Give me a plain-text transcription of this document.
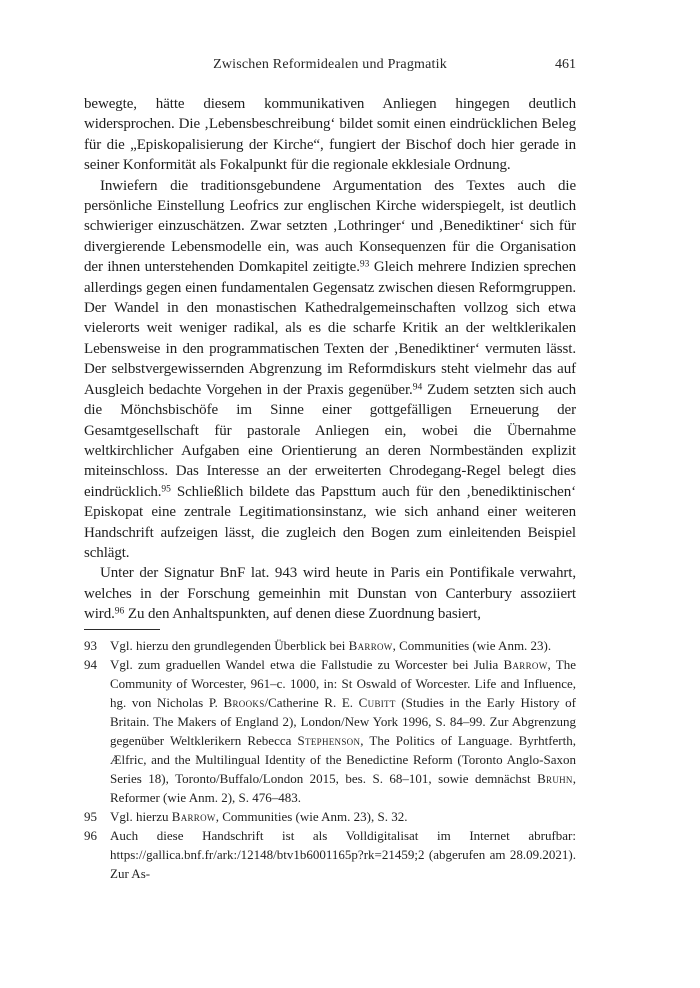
Zwischen Reformidealen und Pragmatik	461

bewegte, hätte diesem kommunikativen Anliegen hingegen deutlich widersprochen. Die ‚Lebensbeschreibung‘ bildet somit einen eindrücklichen Beleg für die „Episkopalisierung der Kirche“, fungiert der Bischof doch hier gerade in seiner Konformität als Fokalpunkt für die regionale ekklesiale Ordnung.

Inwiefern die traditionsgebundene Argumentation des Textes auch die persönliche Einstellung Leofrics zur englischen Kirche widerspiegelt, ist deutlich schwieriger einzuschätzen. Zwar setzten ‚Lothringer‘ und ‚Benediktiner‘ sich für divergierende Lebensmodelle ein, was auch Konsequenzen für die Organisation der ihnen unterstehenden Domkapitel zeitigte.$^{93}$ Gleich mehrere Indizien sprechen allerdings gegen einen fundamentalen Gegensatz zwischen diesen Reformgruppen. Der Wandel in den monastischen Kathedralgemeinschaften vollzog sich etwa vielerorts weit weniger radikal, als es die scharfe Kritik an der weltklerikalen Lebensweise in den programmatischen Texten der ‚Benediktiner‘ vermuten lässt. Der selbstvergewissernden Abgrenzung im Reformdiskurs steht vielmehr das auf Ausgleich bedachte Vorgehen in der Praxis gegenüber.$^{94}$ Zudem setzten sich auch die Mönchsbischöfe im Sinne einer gottgefälligen Erneuerung der Gesamtgesellschaft für pastorale Anliegen ein, wobei die Übernahme weltkirchlicher Aufgaben eine Orientierung an deren Normbeständen explizit miteinschloss. Das Interesse an der erweiterten Chrodegang-Regel belegt dies eindrücklich.$^{95}$ Schließlich bildete das Papsttum auch für den ‚benediktinischen‘ Episkopat eine zentrale Legitimationsinstanz, wie sich anhand einer weiteren Handschrift aufzeigen lässt, die zugleich den Bogen zum einleitenden Beispiel schlägt.

Unter der Signatur BnF lat. 943 wird heute in Paris ein Pontifikale verwahrt, welches in der Forschung gemeinhin mit Dunstan von Canterbury assoziiert wird.$^{96}$ Zu den Anhaltspunkten, auf denen diese Zuordnung basiert,

93	Vgl. hierzu den grundlegenden Überblick bei Barrow, Communities (wie Anm. 23).
94	Vgl. zum graduellen Wandel etwa die Fallstudie zu Worcester bei Julia Barrow, The Community of Worcester, 961–c. 1000, in: St Oswald of Worcester. Life and Influence, hg. von Nicholas P. Brooks/Catherine R. E. Cubitt (Studies in the Early History of Britain. The Makers of England 2), London/New York 1996, S. 84–99. Zur Abgrenzung gegenüber Weltklerikern Rebecca Stephenson, The Politics of Language. Byrhtferth, Ælfric, and the Multilingual Identity of the Benedictine Reform (Toronto Anglo-Saxon Series 18), Toronto/Buffalo/London 2015, bes. S. 68–101, sowie demnächst Bruhn, Reformer (wie Anm. 2), S. 476–483.
95	Vgl. hierzu Barrow, Communities (wie Anm. 23), S. 32.
96	Auch diese Handschrift ist als Volldigitalisat im Internet abrufbar: https://gallica.bnf.fr/ark:/12148/btv1b6001165p?rk=21459;2 (abgerufen am 28.09.2021). Zur As-
